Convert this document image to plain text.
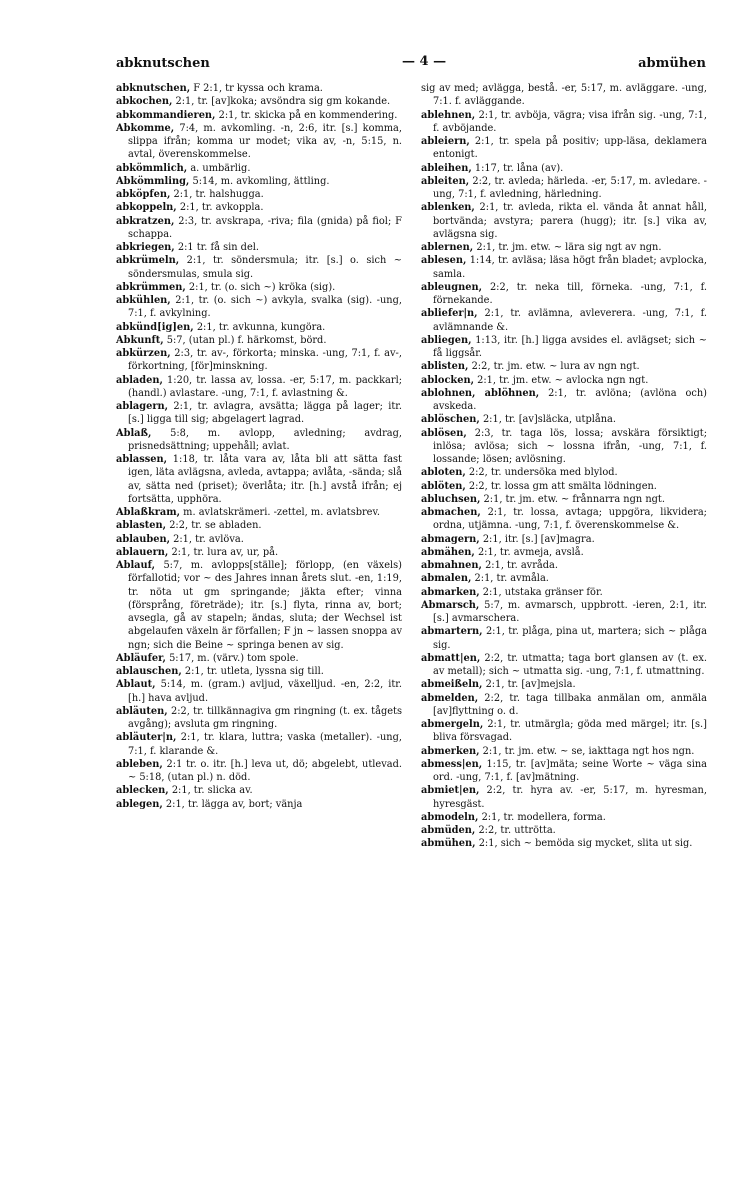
abknutschen	— 4 —	abmühen

abknutschen, F 2:1, tr kyssa och krama.

abkochen, 2:1, tr. [av]koka; avsöndra sig gm kokande.

abkommandieren, 2:1, tr. skicka på en kommendering.

Abkomme, 7:4, m. avkomling. -n, 2:6, itr. [s.] komma, slippa ifrån; komma ur modet; vika av, -n, 5:15, n. avtal, överenskommelse.

abkömmlich, a. umbärlig.

Abkömmling, 5:14, m. avkomling, ättling.

abköpfen, 2:1, tr. halshugga.

abkoppeln, 2:1, tr. avkoppla.

abkratzen, 2:3, tr. avskrapa, -riva; fila (gnida) på fiol; F schappa.

abkriegen, 2:1 tr. få sin del.

abkrümeln, 2:1, tr. söndersmula; itr. [s.] o. sich ~ söndersmulas, smula sig.

abkrümmen, 2:1, tr. (o. sich ~) kröka (sig).

abkühlen, 2:1, tr. (o. sich ~) avkyla, svalka (sig). -ung, 7:1, f. avkylning.

abkünd[ig]en, 2:1, tr. avkunna, kungöra.

Abkunft, 5:7, (utan pl.) f. härkomst, börd.

abkürzen, 2:3, tr. av-, förkorta; minska. -ung, 7:1, f. av-, förkortning, [för]minskning.

abladen, 1:20, tr. lassa av, lossa. -er, 5:17, m. packkarl; (handl.) avlastare. -ung, 7:1, f. avlastning &.

ablagern, 2:1, tr. avlagra, avsätta; lägga på lager; itr. [s.] ligga till sig; abgelagert lagrad.

Ablaß, 5:8, m. avlopp, avledning; avdrag, prisnedsättning; uppehåll; avlat.

ablassen, 1:18, tr. låta vara av, låta bli att sätta fast igen, läta avlägsna, avleda, avtappa; avlåta, -sända; slå av, sätta ned (priset); överlåta; itr. [h.] avstå ifrån; ej fortsätta, upphöra.

Ablaßkram, m. avlatskrämeri. -zettel, m. avlatsbrev.

ablasten, 2:2, tr. se abladen.

ablauben, 2:1, tr. avlöva.

ablauern, 2:1, tr. lura av, ur, på.

Ablauf, 5:7, m. avlopps[ställe]; förlopp, (en växels) förfallotid; vor ~ des Jahres innan årets slut. -en, 1:19, tr. nöta ut gm springande; jäkta efter; vinna (försprång, företräde); itr. [s.] flyta, rinna av, bort; avsegla, gå av stapeln; ändas, sluta; der Wechsel ist abgelaufen växeln är förfallen; F jn ~ lassen snoppa av ngn; sich die Beine ~ springa benen av sig.

Abläufer, 5:17, m. (värv.) tom spole.

ablauschen, 2:1, tr. utleta, lyssna sig till.

Ablaut, 5:14, m. (gram.) avljud, växelljud. -en, 2:2, itr. [h.] hava avljud.

abläuten, 2:2, tr. tillkännagiva gm ringning (t. ex. tågets avgång); avsluta gm ringning.

abläuter|n, 2:1, tr. klara, luttra; vaska (metaller). -ung, 7:1, f. klarande &.

ableben, 2:1 tr. o. itr. [h.] leva ut, dö; abgelebt, utlevad. ~ 5:18, (utan pl.) n. död.

ablecken, 2:1, tr. slicka av.

ablegen, 2:1, tr. lägga av, bort; vänja

sig av med; avlägga, bestå. -er, 5:17, m. avläggare. -ung, 7:1. f. avläggande.

ablehnen, 2:1, tr. avböja, vägra; visa ifrån sig. -ung, 7:1, f. avböjande.

ableiern, 2:1, tr. spela på positiv; upp-läsa, deklamera entonigt.

ableihen, 1:17, tr. låna (av).

ableiten, 2:2, tr. avleda; härleda. -er, 5:17, m. avledare. -ung, 7:1, f. avledning, härledning.

ablenken, 2:1, tr. avleda, rikta el. vända åt annat håll, bortvända; avstyra; parera (hugg); itr. [s.] vika av, avlägsna sig.

ablernen, 2:1, tr. jm. etw. ~ lära sig ngt av ngn.

ablesen, 1:14, tr. avläsa; läsa högt från bladet; avplocka, samla.

ableugnen, 2:2, tr. neka till, förneka. -ung, 7:1, f. förnekande.

abliefer|n, 2:1, tr. avlämna, avleverera. -ung, 7:1, f. avlämnande &.

abliegen, 1:13, itr. [h.] ligga avsides el. avlägset; sich ~ få liggsår.

ablisten, 2:2, tr. jm. etw. ~ lura av ngn ngt.

ablocken, 2:1, tr. jm. etw. ~ avlocka ngn ngt.

ablohnen, ablöhnen, 2:1, tr. avlöna; (avlöna och) avskeda.

ablöschen, 2:1, tr. [av]släcka, utplåna.

ablösen, 2:3, tr. taga lös, lossa; avskära försiktigt; inlösa; avlösa; sich ~ lossna ifrån, -ung, 7:1, f. lossande; lösen; avlösning.

abloten, 2:2, tr. undersöka med blylod.

ablöten, 2:2, tr. lossa gm att smälta lödningen.

abluchsen, 2:1, tr. jm. etw. ~ frånnarra ngn ngt.

abmachen, 2:1, tr. lossa, avtaga; uppgöra, likvidera; ordna, utjämna. -ung, 7:1, f. överenskommelse &.

abmagern, 2:1, itr. [s.] [av]magra.

abmähen, 2:1, tr. avmeja, avslå.

abmahnen, 2:1, tr. avråda.

abmalen, 2:1, tr. avmåla.

abmarken, 2:1, utstaka gränser för.

Abmarsch, 5:7, m. avmarsch, uppbrott. -ieren, 2:1, itr. [s.] avmarschera.

abmartern, 2:1, tr. plåga, pina ut, martera; sich ~ plåga sig.

abmatt|en, 2:2, tr. utmatta; taga bort glansen av (t. ex. av metall); sich ~ utmatta sig. -ung, 7:1, f. utmattning.

abmeißeln, 2:1, tr. [av]mejsla.

abmelden, 2:2, tr. taga tillbaka anmälan om, anmäla [av]flyttning o. d.

abmergeln, 2:1, tr. utmärgla; göda med märgel; itr. [s.] bliva försvagad.

abmerken, 2:1, tr. jm. etw. ~ se, iakttaga ngt hos ngn.

abmess|en, 1:15, tr. [av]mäta; seine Worte ~ väga sina ord. -ung, 7:1, f. [av]mätning.

abmiet|en, 2:2, tr. hyra av. -er, 5:17, m. hyresman, hyresgäst.

abmodeln, 2:1, tr. modellera, forma.

abmüden, 2:2, tr. uttrötta.

abmühen, 2:1, sich ~ bemöda sig mycket, slita ut sig.
